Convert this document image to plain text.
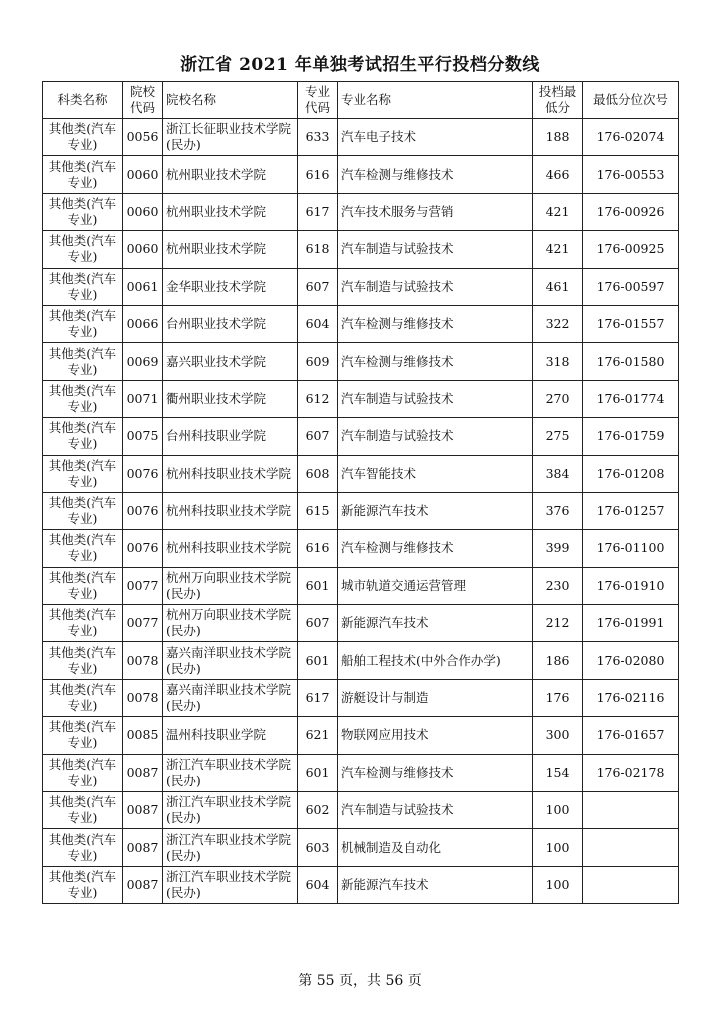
浙江省 2021 年单独考试招生平行投档分数线
科类名称	院校代码	院校名称	专业代码	专业名称	投档最低分	最低分位次号
其他类(汽车专业)	0056	浙江长征职业技术学院(民办)	633	汽车电子技术	188	176-02074
其他类(汽车专业)	0060	杭州职业技术学院	616	汽车检测与维修技术	466	176-00553
其他类(汽车专业)	0060	杭州职业技术学院	617	汽车技术服务与营销	421	176-00926
其他类(汽车专业)	0060	杭州职业技术学院	618	汽车制造与试验技术	421	176-00925
其他类(汽车专业)	0061	金华职业技术学院	607	汽车制造与试验技术	461	176-00597
其他类(汽车专业)	0066	台州职业技术学院	604	汽车检测与维修技术	322	176-01557
其他类(汽车专业)	0069	嘉兴职业技术学院	609	汽车检测与维修技术	318	176-01580
其他类(汽车专业)	0071	衢州职业技术学院	612	汽车制造与试验技术	270	176-01774
其他类(汽车专业)	0075	台州科技职业学院	607	汽车制造与试验技术	275	176-01759
其他类(汽车专业)	0076	杭州科技职业技术学院	608	汽车智能技术	384	176-01208
其他类(汽车专业)	0076	杭州科技职业技术学院	615	新能源汽车技术	376	176-01257
其他类(汽车专业)	0076	杭州科技职业技术学院	616	汽车检测与维修技术	399	176-01100
其他类(汽车专业)	0077	杭州万向职业技术学院(民办)	601	城市轨道交通运营管理	230	176-01910
其他类(汽车专业)	0077	杭州万向职业技术学院(民办)	607	新能源汽车技术	212	176-01991
其他类(汽车专业)	0078	嘉兴南洋职业技术学院(民办)	601	船舶工程技术(中外合作办学)	186	176-02080
其他类(汽车专业)	0078	嘉兴南洋职业技术学院(民办)	617	游艇设计与制造	176	176-02116
其他类(汽车专业)	0085	温州科技职业学院	621	物联网应用技术	300	176-01657
其他类(汽车专业)	0087	浙江汽车职业技术学院(民办)	601	汽车检测与维修技术	154	176-02178
其他类(汽车专业)	0087	浙江汽车职业技术学院(民办)	602	汽车制造与试验技术	100	
其他类(汽车专业)	0087	浙江汽车职业技术学院(民办)	603	机械制造及自动化	100	
其他类(汽车专业)	0087	浙江汽车职业技术学院(民办)	604	新能源汽车技术	100	
第 55 页，共 56 页
